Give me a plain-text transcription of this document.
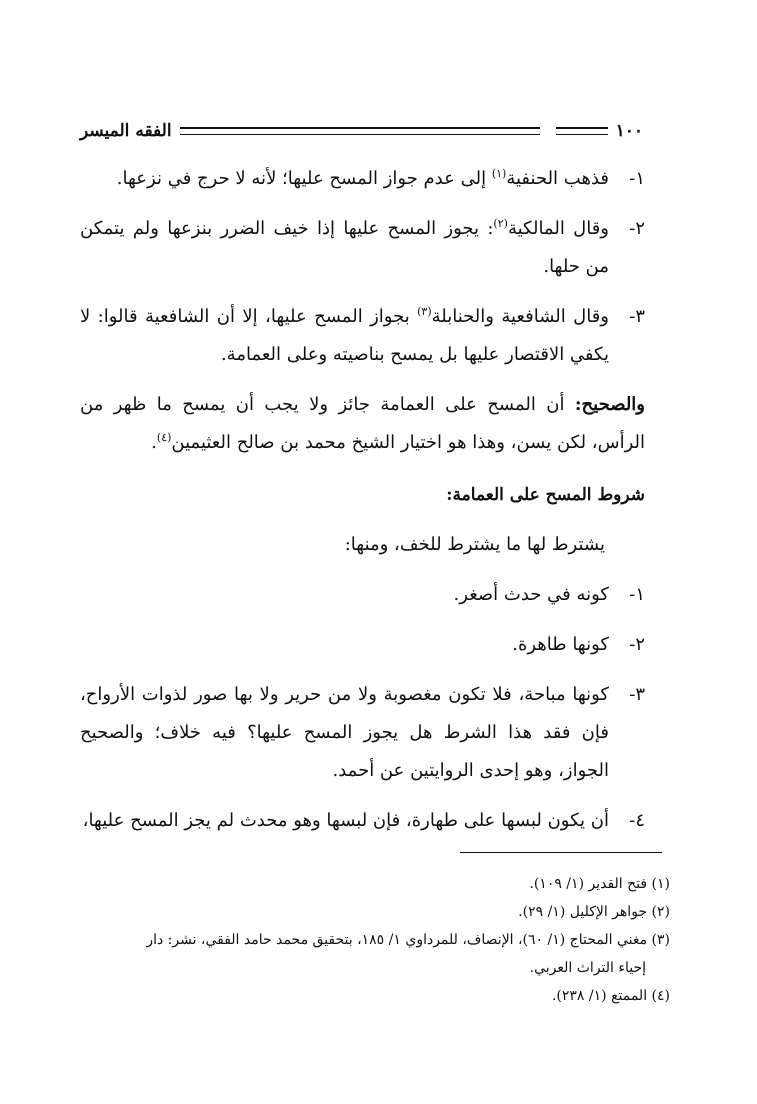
الفقه الميسر	١٠٠
١-
فذهب الحنفية$^{(١)}$ إلى عدم جواز المسح عليها؛ لأنه لا حرج في نزعها.
٢-
وقال المالكية$^{(٢)}$: يجوز المسح عليها إذا خيف الضرر بنزعها ولم يتمكن من حلها.
٣-
وقال الشافعية والحنابلة$^{(٣)}$ بجواز المسح عليها، إلا أن الشافعية قالوا: لا يكفي الاقتصار عليها بل يمسح بناصيته وعلى العمامة.

والصحيح: أن المسح على العمامة جائز ولا يجب أن يمسح ما ظهر من الرأس، لكن يسن، وهذا هو اختيار الشيخ محمد بن صالح العثيمين$^{(٤)}$.

شروط المسح على العمامة:
يشترط لها ما يشترط للخف، ومنها:
١-
كونه في حدث أصغر.
٢-
كونها طاهرة.
٣-
كونها مباحة، فلا تكون مغصوبة ولا من حرير ولا بها صور لذوات الأرواح، فإن فقد هذا الشرط هل يجوز المسح عليها؟ فيه خلاف؛ والصحيح الجواز، وهو إحدى الروايتين عن أحمد.
٤-
أن يكون لبسها على طهارة، فإن لبسها وهو محدث لم يجز المسح عليها،
(١) فتح القدير (١/ ١٠٩).
(٢) جواهر الإكليل (١/ ٢٩).
(٣) مغني المحتاج (١/ ٦٠)، الإنصاف، للمرداوي ١/ ١٨٥، بتحقيق محمد حامد الفقي، نشر: دار
إحياء التراث العربي.
(٤) الممتع (١/ ٢٣٨).
